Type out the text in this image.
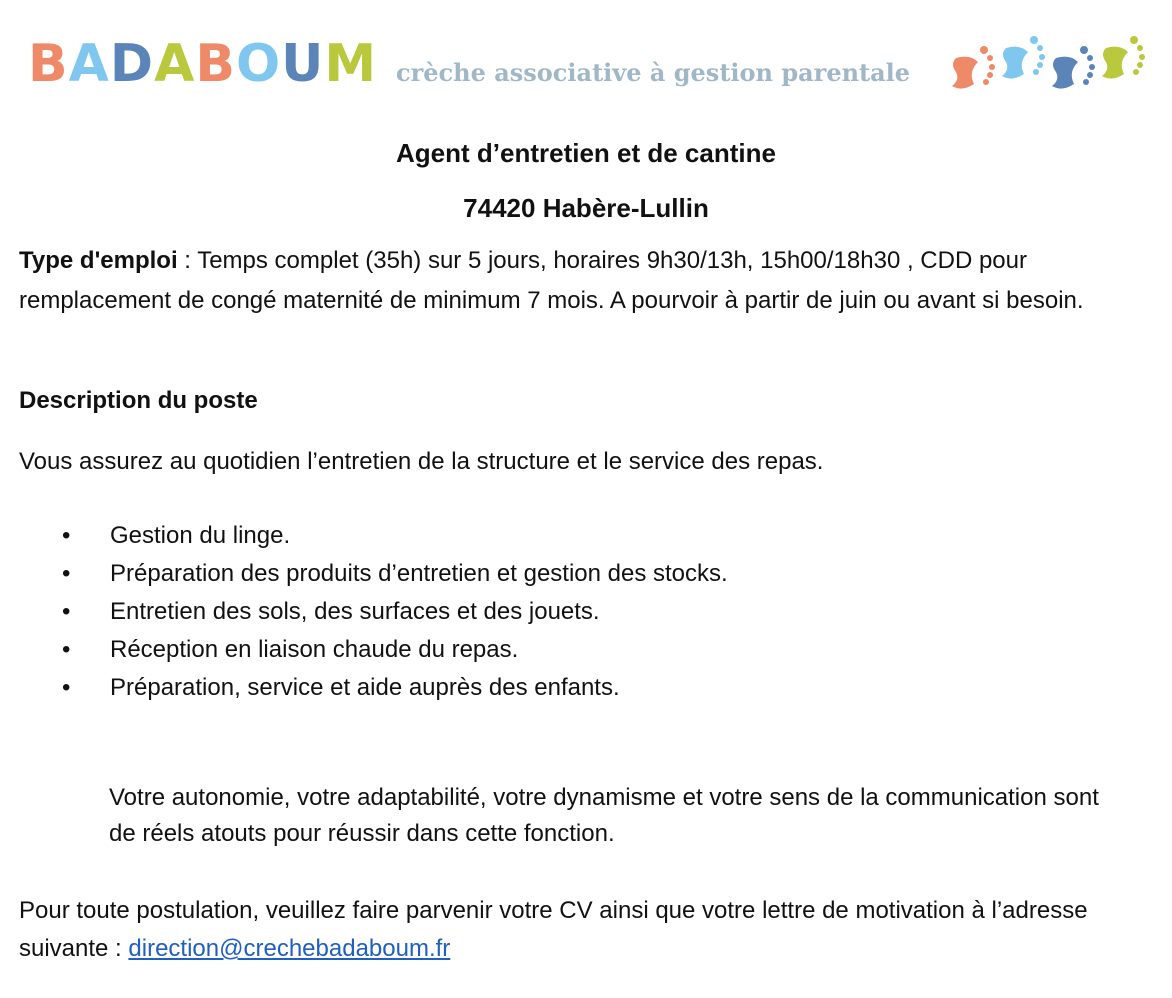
BADABOUM crèche associative à gestion parentale
Agent d’entretien et de cantine
74420 Habère-Lullin
Type d'emploi : Temps complet (35h) sur 5 jours, horaires 9h30/13h, 15h00/18h30 , CDD pour remplacement de congé maternité de minimum 7 mois. A pourvoir à partir de juin ou avant si besoin.
Description du poste
Vous assurez au quotidien l’entretien de la structure et le service des repas.
• Gestion du linge.
• Préparation des produits d’entretien et gestion des stocks.
• Entretien des sols, des surfaces et des jouets.
• Réception en liaison chaude du repas.
• Préparation, service et aide auprès des enfants.
Votre autonomie, votre adaptabilité, votre dynamisme et votre sens de la communication sont de réels atouts pour réussir dans cette fonction.
Pour toute postulation, veuillez faire parvenir votre CV ainsi que votre lettre de motivation à l’adresse suivante : direction@crechebadaboum.fr
